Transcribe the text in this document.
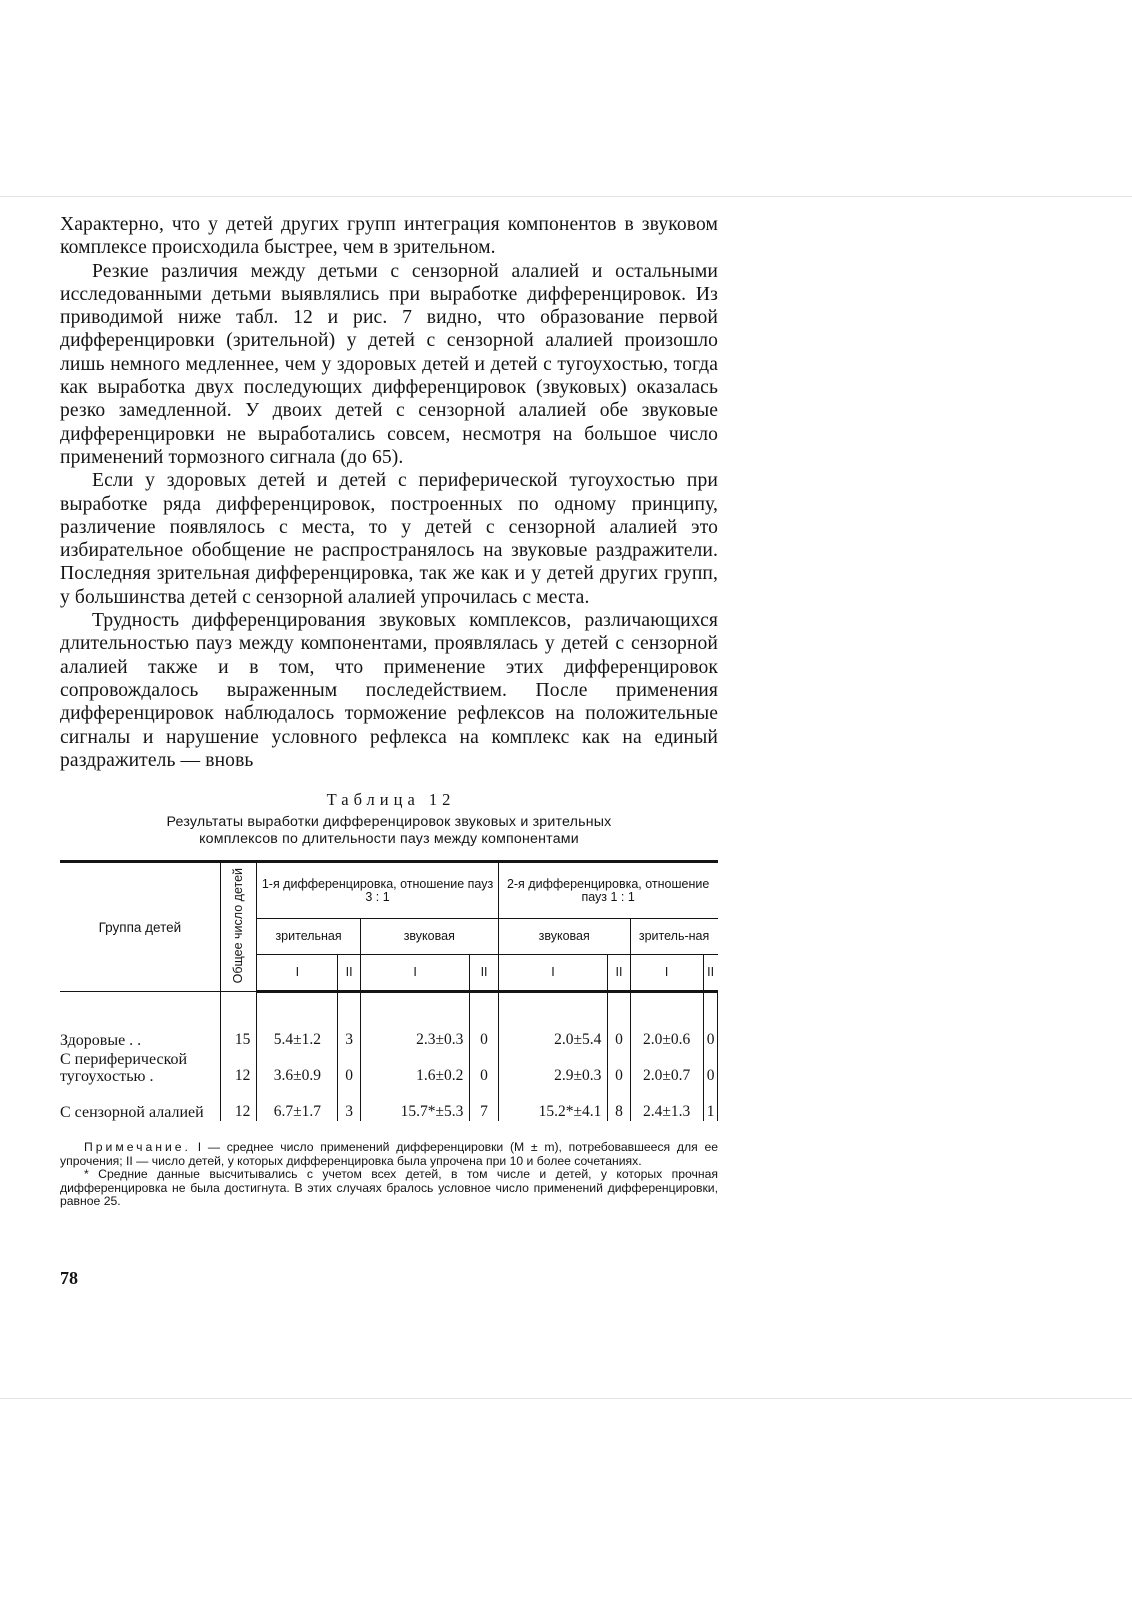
Характерно, что у детей других групп интеграция компонентов в звуковом комплексе происходила быстрее, чем в зрительном.

Резкие различия между детьми с сензорной алалией и остальными исследованными детьми выявлялись при выработке дифференцировок. Из приводимой ниже табл. 12 и рис. 7 видно, что образование первой дифференцировки (зрительной) у детей с сензорной алалией произошло лишь немного медленнее, чем у здоровых детей и детей с тугоухостью, тогда как выработка двух последующих дифференцировок (звуковых) оказалась резко замедленной. У двоих детей с сензорной алалией обе звуковые дифференцировки не выработались совсем, несмотря на большое число применений тормозного сигнала (до 65).

Если у здоровых детей и детей с периферической тугоухостью при выработке ряда дифференцировок, построенных по одному принципу, различение появлялось с места, то у детей с сензорной алалией это избирательное обобщение не распространялось на звуковые раздражители. Последняя зрительная дифференцировка, так же как и у детей других групп, у большинства детей с сензорной алалией упрочилась с места.

Трудность дифференцирования звуковых комплексов, различающихся длительностью пауз между компонентами, проявлялась у детей с сензорной алалией также и в том, что применение этих дифференцировок сопровождалось выраженным последействием. После применения дифференцировок наблюдалось торможение рефлексов на положительные сигналы и нарушение условного рефлекса на комплекс как на единый раздражитель — вновь

Таблица 12
Результаты выработки дифференцировок звуковых и зрительных
комплексов по длительности пауз между компонентами
Группа детей	Общее число детей	1-я дифференцировка, отношение пауз 3 : 1				2-я дифференцировка, отношение пауз 1 : 1			
		зрительная		звуковая		звуковая		зритель-ная	
		I	II	I	II	I	II	I	II
Здоровые . .	15	5.4±1.2	3	2.3±0.3	0	2.0±5.4	0	2.0±0.6	0
С периферической тугоухостью .	12	3.6±0.9	0	1.6±0.2	0	2.9±0.3	0	2.0±0.7	0
С сензорной алалией	12	6.7±1.7	3	15.7*±5.3	7	15.2*±4.1	8	2.4±1.3	1

Примечание. I — среднее число применений дифференцировки (M ± m), потребовавшееся для ее упрочения; II — число детей, у которых дифференцировка была упрочена при 10 и более сочетаниях.

* Средние данные высчитывались с учетом всех детей, в том числе и детей, у которых прочная дифференцировка не была достигнута. В этих случаях бралось условное число применений дифференцировки, равное 25.

78
